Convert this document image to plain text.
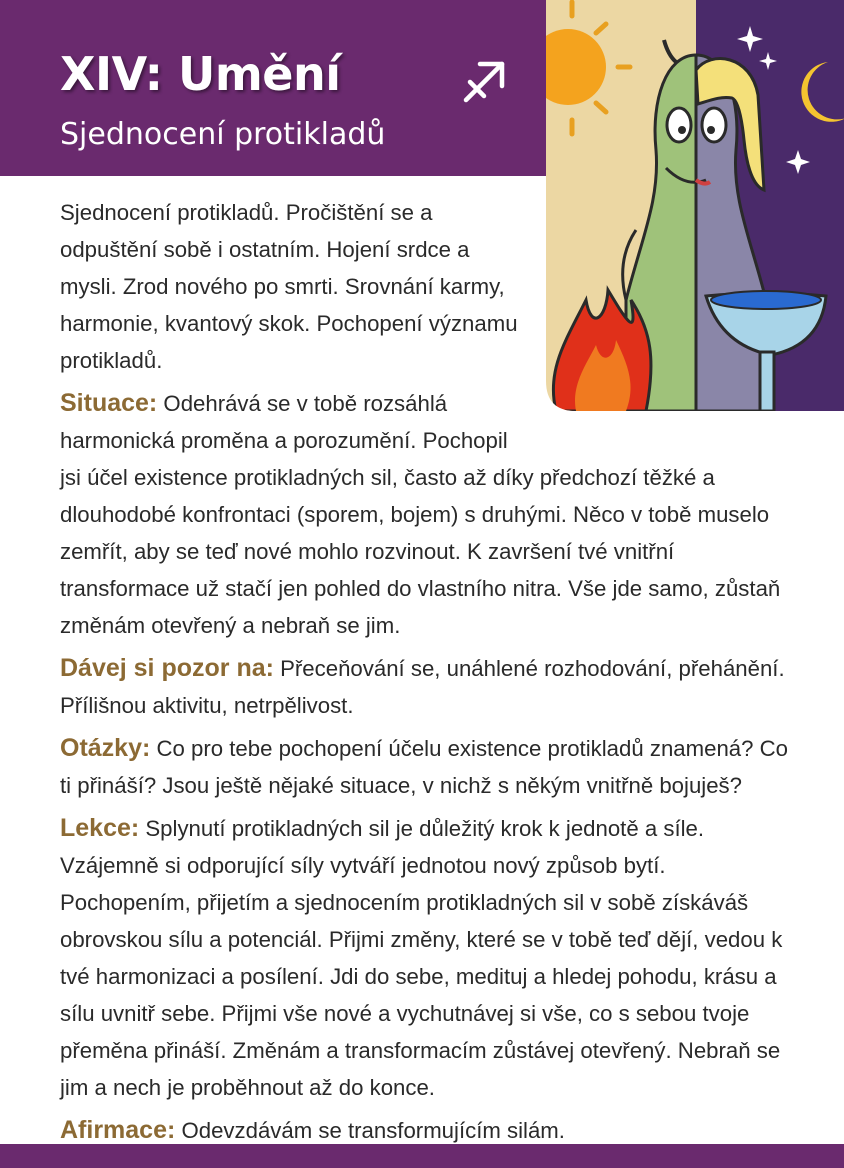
XIV: Umění
Sjednocení protikladů

Sjednocení protikladů. Pročištění se a odpuštění sobě i ostatním. Hojení srdce a mysli. Zrod nového po smrti. Srovnání karmy, harmonie, kvantový skok. Pochopení významu protikladů.

Situace: Odehrává se v tobě rozsáhlá harmonická proměna a porozumění. Pochopil jsi účel existence protikladných sil, často až díky předchozí těžké a dlouhodobé konfrontaci (sporem, bojem) s druhými. Něco v tobě muselo zemřít, aby se teď nové mohlo rozvinout. K završení tvé vnitřní transformace už stačí jen pohled do vlastního nitra. Vše jde samo, zůstaň změnám otevřený a nebraň se jim.

Dávej si pozor na: Přeceňování se, unáhlené rozhodování, přehánění. Přílišnou aktivitu, netrpělivost.

Otázky: Co pro tebe pochopení účelu existence protikladů znamená? Co ti přináší? Jsou ještě nějaké situace, v nichž s někým vnitřně bojuješ?

Lekce: Splynutí protikladných sil je důležitý krok k jednotě a síle. Vzájemně si odporující síly vytváří jednotou nový způsob bytí. Pochopením, přijetím a sjednocením protikladných sil v sobě získáváš obrovskou sílu a potenciál. Přijmi změny, které se v tobě teď dějí, vedou k tvé harmonizaci a posílení. Jdi do sebe, medituj a hledej pohodu, krásu a sílu uvnitř sebe. Přijmi vše nové a vychutnávej si vše, co s sebou tvoje přeměna přináší. Změnám a transformacím zůstávej otevřený. Nebraň se jim a nech je proběhnout až do konce.

Afirmace: Odevzdávám se transformujícím silám.
